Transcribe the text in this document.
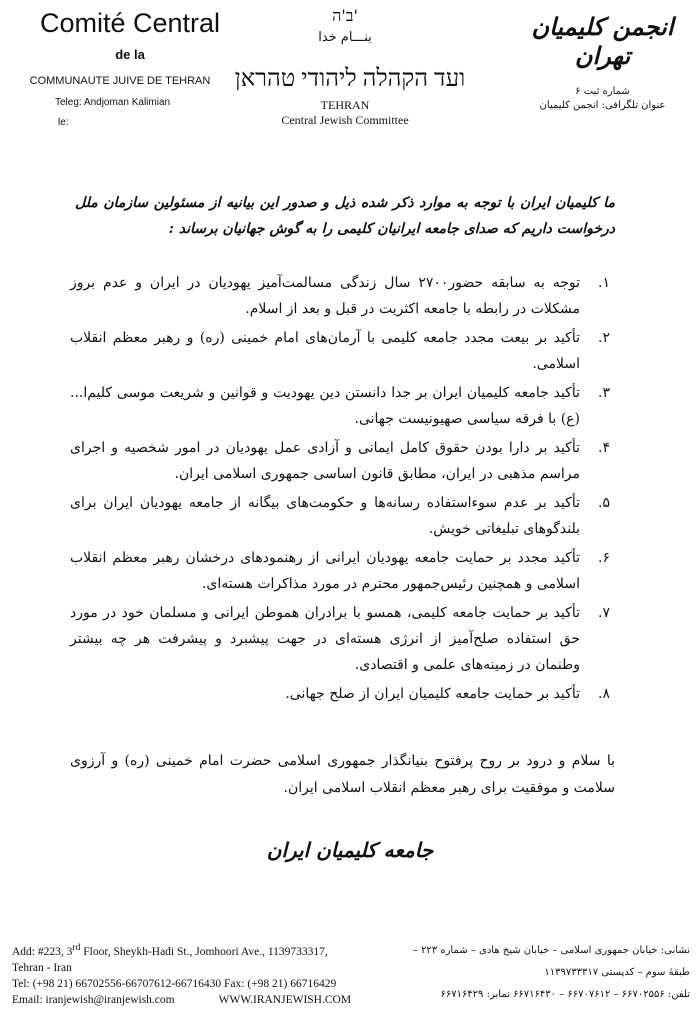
Comité Central
de la
COMMUNAUTE JUIVE DE TEHRAN
Teleg: Andjoman Kalimian
le:
ב'ה'
بنـــام خدا
ועד הקהלה ליהודי טהראן
TEHRAN
Central Jewish Committee
انجمن کلیمیان تهران
شماره ثبت ۶
عنوان تلگرافی: انجمن کلیمیان
ما کلیمیان ایران با توجه به موارد ذکر شده ذیل و صدور این بیانیه از مسئولین سازمان ملل درخواست داریم که صدای جامعه ایرانیان کلیمی را به گوش جهانیان برساند :
۱.
توجه به سابقه حضور۲۷۰۰ سال زندگی مسالمت‌آمیز یهودیان در ایران و عدم بروز مشکلات در رابطه با جامعه اکثریت در قبل و بعد از اسلام.
۲.
تأکید بر بیعت مجدد جامعه کلیمی با آرمان‌های امام خمینی (ره) و رهبر معظم انقلاب اسلامی.
۳.
تأکید جامعه کلیمیان ایران بر جدا دانستن دین یهودیت و قوانین و شریعت موسی کلیم‌ا... (ع) با فرقه سیاسی صهیونیست جهانی.
۴.
تأکید بر دارا بودن حقوق کامل ایمانی و آزادی عمل یهودیان در امور شخصیه و اجرای مراسم مذهبی در ایران، مطابق قانون اساسی جمهوری اسلامی ایران.
۵.
تأکید بر عدم سوءاستفاده رسانه‌ها و حکومت‌های بیگانه از جامعه یهودیان ایران برای بلندگوهای تبلیغاتی خویش.
۶.
تأکید مجدد بر حمایت جامعه یهودیان ایرانی از رهنمودهای درخشان رهبر معظم انقلاب اسلامی و همچنین رئیس‌جمهور محترم در مورد مذاکرات هسته‌ای.
۷.
تأکید بر حمایت جامعه کلیمی، همسو با برادران هموطن ایرانی و مسلمان خود در مورد حق استفاده صلح‌آمیز از انرژی هسته‌ای در جهت پیشبرد و پیشرفت هر چه بیشتر وطنمان در زمینه‌های علمی و اقتصادی.
۸.
تأکید بر حمایت جامعه کلیمیان ایران از صلح جهانی.
با سلام و درود بر روح پرفتوح بنیانگذار جمهوری اسلامی حضرت امام خمینی (ره) و آرزوی سلامت و موفقیت برای رهبر معظم انقلاب اسلامی ایران.
جامعه کلیمیان ایران
Add: #223, 3rd Floor, Sheykh-Hadi St., Jomhoori Ave., 1139733317,
Tehran - Iran
Tel: (+98 21) 66702556-66707612-66716430 Fax: (+98 21) 66716429
Email: iranjewish@iranjewish.com	WWW.IRANJEWISH.COM
نشانی: خیابان جمهوری اسلامی – خیابان شیخ هادی – شماره ۲۲۳ –
طبقهٔ سوم – کدپستی ۱۱۳۹۷۳۳۳۱۷
تلفن: ۶۶۷۰۲۵۵۶ – ۶۶۷۰۷۶۱۲ – ۶۶۷۱۶۴۳۰ نمابر: ۶۶۷۱۶۴۲۹
